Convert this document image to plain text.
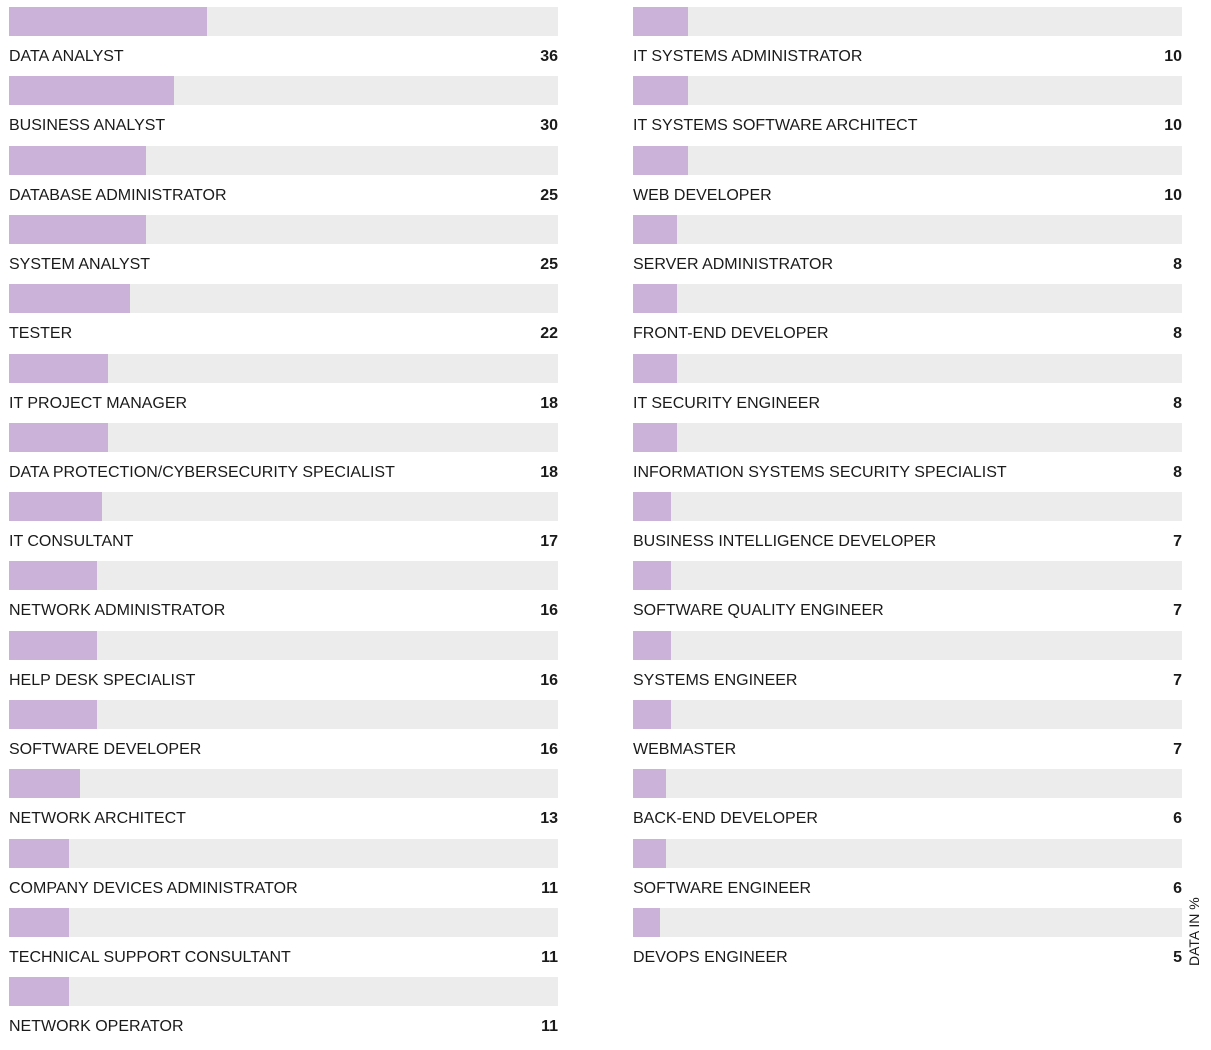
DATA ANALYST	36
BUSINESS ANALYST	30
DATABASE ADMINISTRATOR	25
SYSTEM ANALYST	25
TESTER	22
IT PROJECT MANAGER	18
DATA PROTECTION/CYBERSECURITY SPECIALIST	18
IT CONSULTANT	17
NETWORK ADMINISTRATOR	16
HELP DESK SPECIALIST	16
SOFTWARE DEVELOPER	16
NETWORK ARCHITECT	13
COMPANY DEVICES ADMINISTRATOR	11
TECHNICAL SUPPORT CONSULTANT	11
NETWORK OPERATOR	11
IT SYSTEMS ADMINISTRATOR	10
IT SYSTEMS SOFTWARE ARCHITECT	10
WEB DEVELOPER	10
SERVER ADMINISTRATOR	8
FRONT-END DEVELOPER	8
IT SECURITY ENGINEER	8
INFORMATION SYSTEMS SECURITY SPECIALIST	8
BUSINESS INTELLIGENCE DEVELOPER	7
SOFTWARE QUALITY ENGINEER	7
SYSTEMS ENGINEER	7
WEBMASTER	7
BACK-END DEVELOPER	6
SOFTWARE ENGINEER	6
DEVOPS ENGINEER	5 DATA IN %
